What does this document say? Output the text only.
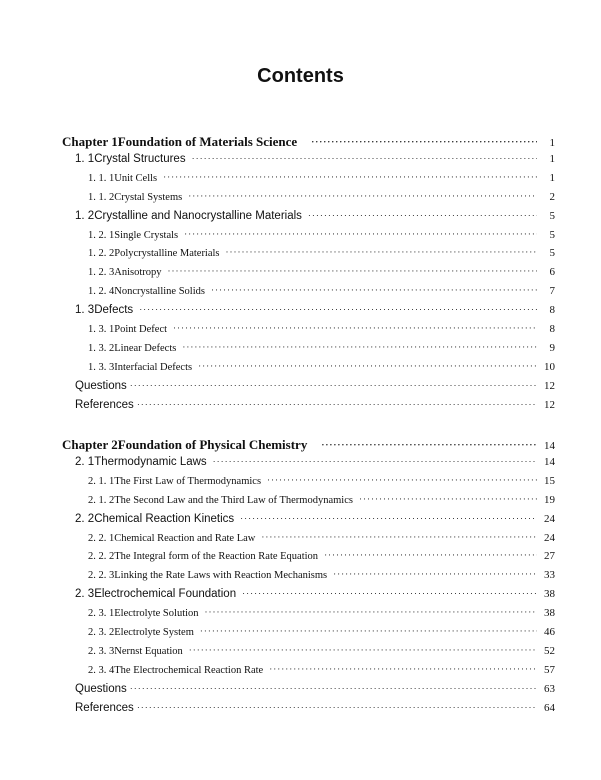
Contents
Chapter 1 Foundation of Materials Science ·····	1
1. 1 Crystal Structures ·····	1
1. 1. 1 Unit Cells ·····	1
1. 1. 2 Crystal Systems ·····	2
1. 2 Crystalline and Nanocrystalline Materials ·····	5
1. 2. 1 Single Crystals ·····	5
1. 2. 2 Polycrystalline Materials ·····	5
1. 2. 3 Anisotropy ·····	6
1. 2. 4 Noncrystalline Solids ·····	7
1. 3 Defects ·····	8
1. 3. 1 Point Defect ·····	8
1. 3. 2 Linear Defects ·····	9
1. 3. 3 Interfacial Defects ·····	10
Questions ·····	12
References ·····	12
Chapter 2 Foundation of Physical Chemistry ·····	14
2. 1 Thermodynamic Laws ·····	14
2. 1. 1 The First Law of Thermodynamics ·····	15
2. 1. 2 The Second Law and the Third Law of Thermodynamics ·····	19
2. 2 Chemical Reaction Kinetics ·····	24
2. 2. 1 Chemical Reaction and Rate Law ·····	24
2. 2. 2 The Integral form of the Reaction Rate Equation ·····	27
2. 2. 3 Linking the Rate Laws with Reaction Mechanisms ·····	33
2. 3 Electrochemical Foundation ·····	38
2. 3. 1 Electrolyte Solution ·····	38
2. 3. 2 Electrolyte System ·····	46
2. 3. 3 Nernst Equation ·····	52
2. 3. 4 The Electrochemical Reaction Rate ·····	57
Questions ·····	63
References ·····	64
